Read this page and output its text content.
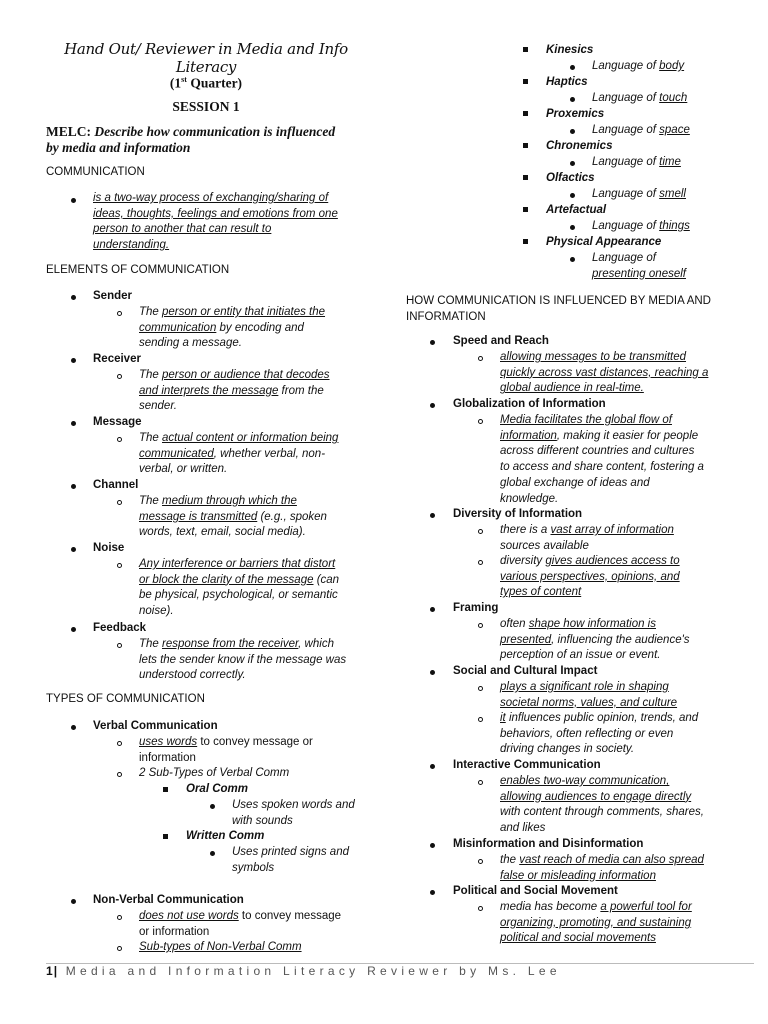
Hand Out/ Reviewer in Media and Info Literacy
(1st Quarter)
SESSION 1
MELC: Describe how communication is influenced by media and information
COMMUNICATION
is a two-way process of exchanging/sharing of
ideas, thoughts, feelings and emotions from one
person to another that can result to
understanding.
ELEMENTS OF COMMUNICATION
Sender
The person or entity that initiates the
communication by encoding and
sending a message.
Receiver
The person or audience that decodes
and interprets the message from the
sender.
Message
The actual content or information being
communicated, whether verbal, non-
verbal, or written.
Channel
The medium through which the
message is transmitted (e.g., spoken
words, text, email, social media).
Noise
Any interference or barriers that distort
or block the clarity of the message (can
be physical, psychological, or semantic
noise).
Feedback
The response from the receiver, which
lets the sender know if the message was
understood correctly.
TYPES OF COMMUNICATION
Verbal Communication
uses words to convey message or
information
2 Sub-Types of Verbal Comm
Oral Comm
Uses spoken words and
with sounds
Written Comm
Uses printed signs and
symbols
Non-Verbal Communication
does not use words to convey message
or information
Sub-types of Non-Verbal Comm
Kinesics
Language of body
Haptics
Language of touch
Proxemics
Language of space
Chronemics
Language of time
Olfactics
Language of smell
Artefactual
Language of things
Physical Appearance
Language of
presenting oneself
HOW COMMUNICATION IS INFLUENCED BY MEDIA AND
INFORMATION
Speed and Reach
allowing messages to be transmitted
quickly across vast distances, reaching a
global audience in real-time.
Globalization of Information
Media facilitates the global flow of
information, making it easier for people
across different countries and cultures
to access and share content, fostering a
global exchange of ideas and
knowledge.
Diversity of Information
there is a vast array of information
sources available
diversity gives audiences access to
various perspectives, opinions, and
types of content
Framing
often shape how information is
presented, influencing the audience's
perception of an issue or event.
Social and Cultural Impact
plays a significant role in shaping
societal norms, values, and culture
it influences public opinion, trends, and
behaviors, often reflecting or even
driving changes in society.
Interactive Communication
enables two-way communication,
allowing audiences to engage directly
with content through comments, shares,
and likes
Misinformation and Disinformation
the vast reach of media can also spread
false or misleading information
Political and Social Movement
media has become a powerful tool for
organizing, promoting, and sustaining
political and social movements
1| Media and Information Literacy Reviewer by Ms. Lee
